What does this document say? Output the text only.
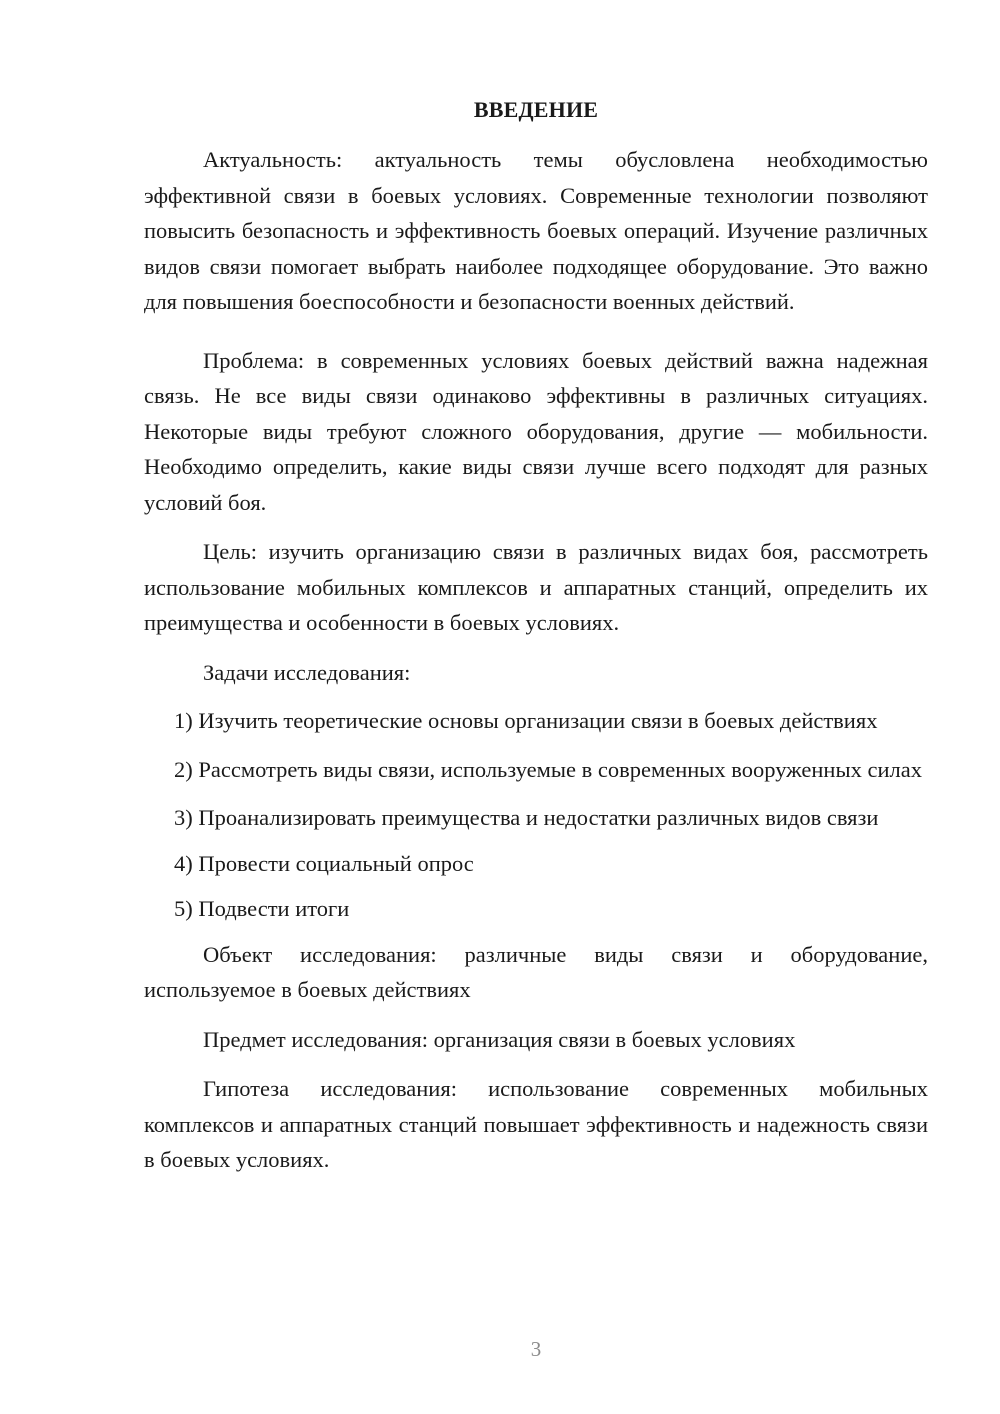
ВВЕДЕНИЕ

Актуальность: актуальность темы обусловлена необходимостью эффективной связи в боевых условиях. Современные технологии позволяют повысить безопасность и эффективность боевых операций. Изучение различных видов связи помогает выбрать наиболее подходящее оборудование. Это важно для повышения боеспособности и безопасности военных действий.

Проблема: в современных условиях боевых действий важна надежная связь. Не все виды связи одинаково эффективны в различных ситуациях. Некоторые виды требуют сложного оборудования, другие — мобильности. Необходимо определить, какие виды связи лучше всего подходят для разных условий боя.

Цель: изучить организацию связи в различных видах боя, рассмотреть использование мобильных комплексов и аппаратных станций, определить их преимущества и особенности в боевых условиях.

Задачи исследования:

1) Изучить теоретические основы организации связи в боевых действиях

2) Рассмотреть виды связи, используемые в современных вооруженных силах

3) Проанализировать преимущества и недостатки различных видов связи

4) Провести социальный опрос

5) Подвести итоги

Объект исследования: различные виды связи и оборудование, используемое в боевых действиях

Предмет исследования: организация связи в боевых условиях

Гипотеза исследования: использование современных мобильных комплексов и аппаратных станций повышает эффективность и надежность связи в боевых условиях.

3
